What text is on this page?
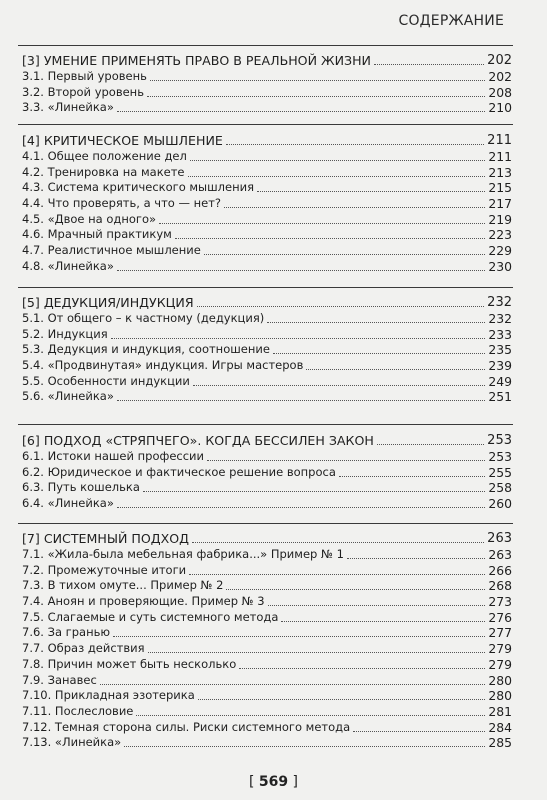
СОДЕРЖАНИЕ
[3] УМЕНИЕ ПРИМЕНЯТЬ ПРАВО В РЕАЛЬНОЙ ЖИЗНИ	202
3.1. Первый уровень	202
3.2. Второй уровень	208
3.3. «Линейка»	210
[4] КРИТИЧЕСКОЕ МЫШЛЕНИЕ	211
4.1. Общее положение дел	211
4.2. Тренировка на макете	213
4.3. Система критического мышления	215
4.4. Что проверять, а что — нет?	217
4.5. «Двое на одного»	219
4.6. Мрачный практикум	223
4.7. Реалистичное мышление	229
4.8. «Линейка»	230
[5] ДЕДУКЦИЯ/ИНДУКЦИЯ	232
5.1. От общего – к частному (дедукция)	232
5.2. Индукция	233
5.3. Дедукция и индукция, соотношение	235
5.4. «Продвинутая» индукция. Игры мастеров	239
5.5. Особенности индукции	249
5.6. «Линейка»	251
[6] ПОДХОД «СТРЯПЧЕГО». КОГДА БЕССИЛЕН ЗАКОН	253
6.1. Истоки нашей профессии	253
6.2. Юридическое и фактическое решение вопроса	255
6.3. Путь кошелька	258
6.4. «Линейка»	260
[7] СИСТЕМНЫЙ ПОДХОД	263
7.1. «Жила-была мебельная фабрика...» Пример № 1	263
7.2. Промежуточные итоги	266
7.3. В тихом омуте... Пример № 2	268
7.4. Аноян и проверяющие. Пример № 3	273
7.5. Слагаемые и суть системного метода	276
7.6. За гранью	277
7.7. Образ действия	279
7.8. Причин может быть несколько	279
7.9. Занавес	280
7.10. Прикладная эзотерика	280
7.11. Послесловие	281
7.12. Темная сторона силы. Риски системного метода	284
7.13. «Линейка»	285
[ 569 ]
